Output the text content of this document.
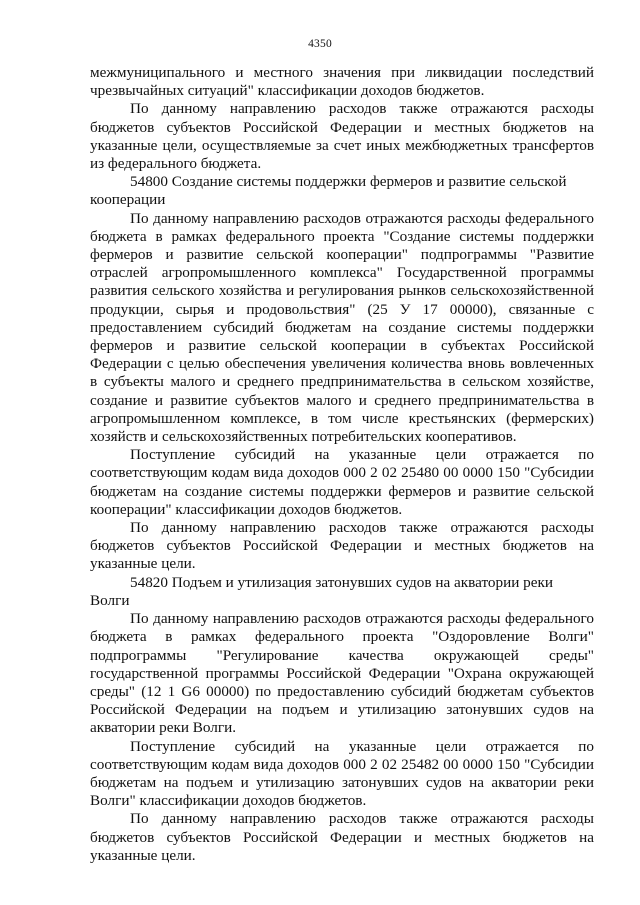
4350

межмуниципального и местного значения при ликвидации последствий чрезвычайных ситуаций" классификации доходов бюджетов.

По данному направлению расходов также отражаются расходы бюджетов субъектов Российской Федерации и местных бюджетов на указанные цели, осуществляемые за счет иных межбюджетных трансфертов из федерального бюджета.

54800 Создание системы поддержки фермеров и развитие сельской кооперации

По данному направлению расходов отражаются расходы федерального бюджета в рамках федерального проекта "Создание системы поддержки фермеров и развитие сельской кооперации" подпрограммы "Развитие отраслей агропромышленного комплекса" Государственной программы развития сельского хозяйства и регулирования рынков сельскохозяйственной продукции, сырья и продовольствия" (25 У 17 00000), связанные с предоставлением субсидий бюджетам на создание системы поддержки фермеров и развитие сельской кооперации в субъектах Российской Федерации с целью обеспечения увеличения количества вновь вовлеченных в субъекты малого и среднего предпринимательства в сельском хозяйстве, создание и развитие субъектов малого и среднего предпринимательства в агропромышленном комплексе, в том числе крестьянских (фермерских) хозяйств и сельскохозяйственных потребительских кооперативов.

Поступление субсидий на указанные цели отражается по соответствующим кодам вида доходов 000 2 02 25480 00 0000 150 "Субсидии бюджетам на создание системы поддержки фермеров и развитие сельской кооперации" классификации доходов бюджетов.

По данному направлению расходов также отражаются расходы бюджетов субъектов Российской Федерации и местных бюджетов на указанные цели.

54820 Подъем и утилизация затонувших судов на акватории реки Волги

По данному направлению расходов отражаются расходы федерального бюджета в рамках федерального проекта "Оздоровление Волги" подпрограммы "Регулирование качества окружающей среды" государственной программы Российской Федерации "Охрана окружающей среды" (12 1 G6 00000) по предоставлению субсидий бюджетам субъектов Российской Федерации на подъем и утилизацию затонувших судов на акватории реки Волги.

Поступление субсидий на указанные цели отражается по соответствующим кодам вида доходов 000 2 02 25482 00 0000 150 "Субсидии бюджетам на подъем и утилизацию затонувших судов на акватории реки Волги" классификации доходов бюджетов.

По данному направлению расходов также отражаются расходы бюджетов субъектов Российской Федерации и местных бюджетов на указанные цели.
